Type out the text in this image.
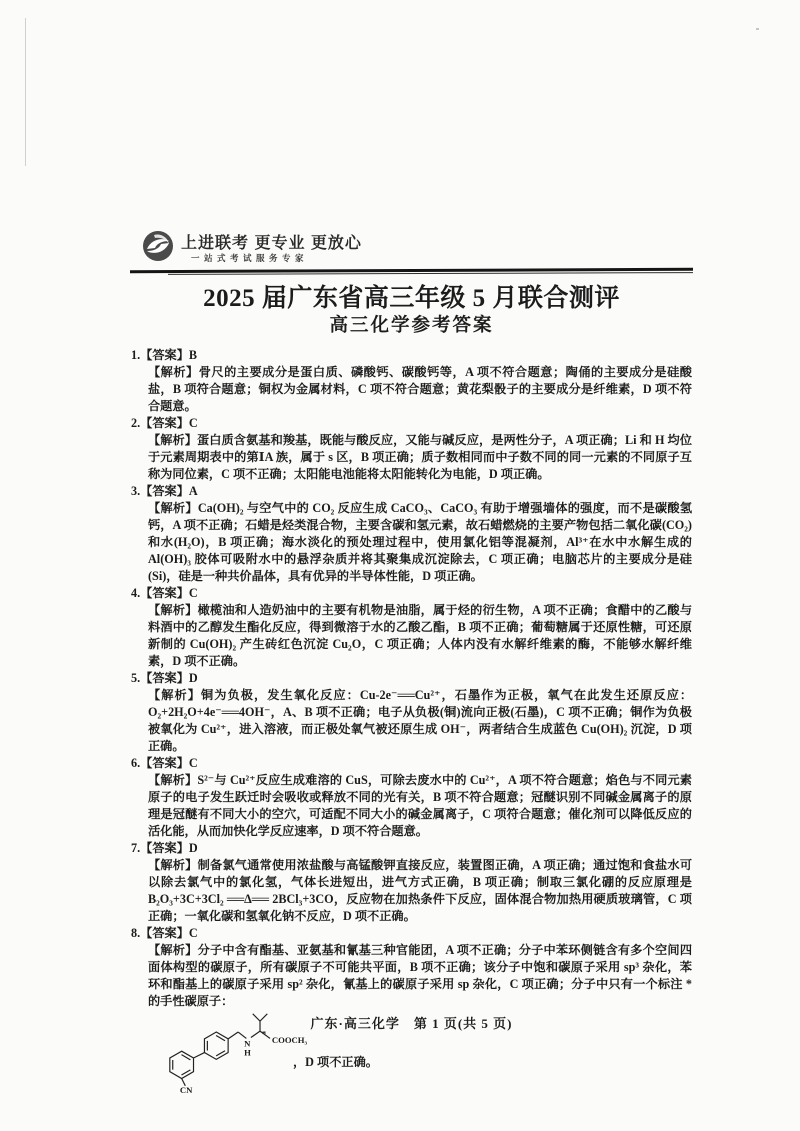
上进联考 更专业 更放心
一站式考试服务专家
2025 届广东省高三年级 5 月联合测评
高三化学参考答案
1.【答案】B
【解析】骨尺的主要成分是蛋白质、磷酸钙、碳酸钙等，A 项不符合题意；陶俑的主要成分是硅酸盐，B 项符合题意；铜权为金属材料，C 项不符合题意；黄花梨骰子的主要成分是纤维素，D 项不符合题意。
2.【答案】C
【解析】蛋白质含氨基和羧基，既能与酸反应，又能与碱反应，是两性分子，A 项正确；Li 和 H 均位于元素周期表中的第ⅠA 族，属于 s 区，B 项正确；质子数相同而中子数不同的同一元素的不同原子互称为同位素，C 项不正确；太阳能电池能将太阳能转化为电能，D 项正确。
3.【答案】A
【解析】Ca(OH)₂ 与空气中的 CO₂ 反应生成 CaCO₃、CaCO₃ 有助于增强墙体的强度，而不是碳酸氢钙，A 项不正确；石蜡是烃类混合物，主要含碳和氢元素，故石蜡燃烧的主要产物包括二氧化碳(CO₂)和水(H₂O)，B 项正确；海水淡化的预处理过程中，使用氯化铝等混凝剂，Al³⁺在水中水解生成的 Al(OH)₃ 胶体可吸附水中的悬浮杂质并将其聚集成沉淀除去，C 项正确；电脑芯片的主要成分是硅(Si)，硅是一种共价晶体，具有优异的半导体性能，D 项正确。
4.【答案】C
【解析】橄榄油和人造奶油中的主要有机物是油脂，属于烃的衍生物，A 项不正确；食醋中的乙酸与料酒中的乙醇发生酯化反应，得到微溶于水的乙酸乙酯，B 项不正确；葡萄糖属于还原性糖，可还原新制的 Cu(OH)₂ 产生砖红色沉淀 Cu₂O，C 项正确；人体内没有水解纤维素的酶，不能够水解纤维素，D 项不正确。
5.【答案】D
【解析】铜为负极，发生氧化反应：Cu-2e⁻══Cu²⁺，石墨作为正极，氧气在此发生还原反应：O₂+2H₂O+4e⁻══4OH⁻，A、B 项不正确；电子从负极(铜)流向正极(石墨)，C 项不正确；铜作为负极被氧化为 Cu²⁺，进入溶液，而正极处氧气被还原生成 OH⁻，两者结合生成蓝色 Cu(OH)₂ 沉淀，D 项正确。
6.【答案】C
【解析】S²⁻与 Cu²⁺反应生成难溶的 CuS，可除去废水中的 Cu²⁺，A 项不符合题意；焰色与不同元素原子的电子发生跃迁时会吸收或释放不同的光有关，B 项不符合题意；冠醚识别不同碱金属离子的原理是冠醚有不同大小的空穴，可适配不同大小的碱金属离子，C 项符合题意；催化剂可以降低反应的活化能，从而加快化学反应速率，D 项不符合题意。
7.【答案】D
【解析】制备氯气通常使用浓盐酸与高锰酸钾直接反应，装置图正确，A 项正确；通过饱和食盐水可以除去氯气中的氯化氢，气体长进短出，进气方式正确，B 项正确；制取三氯化硼的反应原理是 B₂O₃+3C+3Cl₂ ══Δ══ 2BCl₃+3CO，反应物在加热条件下反应，固体混合物加热用硬质玻璃管，C 项正确；一氧化碳和氢氧化钠不反应，D 项不正确。
8.【答案】C
【解析】分子中含有酯基、亚氨基和氰基三种官能团，A 项不正确；分子中苯环侧链含有多个空间四面体构型的碳原子，所有碳原子不可能共平面，B 项不正确；该分子中饱和碳原子采用 sp³ 杂化，苯环和酯基上的碳原子采用 sp² 杂化，氰基上的碳原子采用 sp 杂化，C 项正确；分子中只有一个标注 * 的手性碳原子：
CN
N
H
*
COOCH₃
，D 项不正确。
广东·高三化学　第 1 页(共 5 页)
